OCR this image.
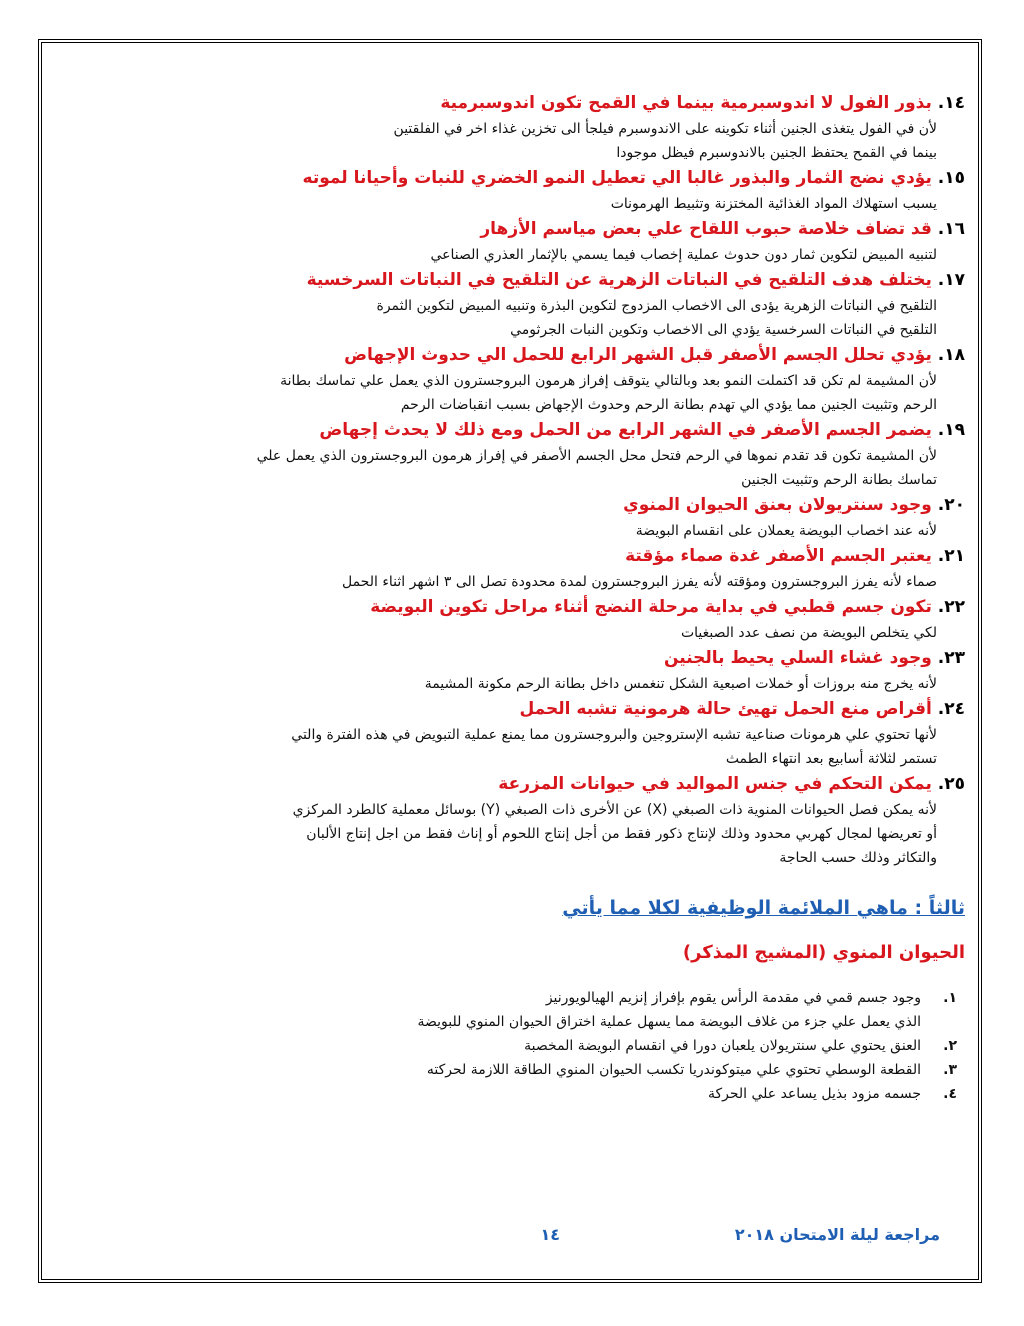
١٤. بذور الفول لا اندوسبرمية بينما في القمح تكون اندوسبرمية

لأن في الفول يتغذى الجنين أثناء تكوينه على الاندوسبرم فيلجأ الى تخزين غذاء اخر في الفلقتين

بينما في القمح يحتفظ الجنين بالاندوسبرم فيظل موجودا

١٥. يؤدي نضج الثمار والبذور غالبا الي تعطيل النمو الخضري للنبات وأحيانا لموته

يسبب استهلاك المواد الغذائية المختزنة وتثبيط الهرمونات

١٦. قد تضاف خلاصة حبوب اللقاح علي بعض مياسم الأزهار

لتنبيه المبيض لتكوين ثمار دون حدوث عملية إخصاب فيما يسمي بالإثمار العذري الصناعي

١٧. يختلف هدف التلقيح في النباتات الزهرية عن التلقيح في النباتات السرخسية

التلقيح في النباتات الزهرية يؤدى الى الاخصاب المزدوج لتكوين البذرة وتنبيه المبيض لتكوين الثمرة

التلقيح في النباتات السرخسية يؤدي الى الاخصاب وتكوين النبات الجرثومي

١٨. يؤدي تحلل الجسم الأصفر قبل الشهر الرابع للحمل الي حدوث الإجهاض

لأن المشيمة لم تكن قد اكتملت النمو بعد وبالتالي يتوقف إفراز هرمون البروجسترون الذي يعمل علي تماسك بطانة

الرحم وتثبيت الجنين مما يؤدي الي تهدم بطانة الرحم وحدوث الإجهاض بسبب انقباضات الرحم

١٩. يضمر الجسم الأصفر في الشهر الرابع من الحمل ومع ذلك لا يحدث إجهاض

لأن المشيمة تكون قد تقدم نموها في الرحم فتحل محل الجسم الأصفر في إفراز هرمون البروجسترون الذي يعمل علي

تماسك بطانة الرحم وتثبيت الجنين

٢٠. وجود سنتريولان بعنق الحيوان المنوي

لأنه عند اخصاب البويضة يعملان على انقسام البويضة

٢١. يعتبر الجسم الأصفر غدة صماء مؤقتة

صماء لأنه يفرز البروجسترون ومؤقته لأنه يفرز البروجسترون لمدة محدودة تصل الى ٣ اشهر اثناء الحمل

٢٢. تكون جسم قطبي في بداية مرحلة النضج أثناء مراحل تكوين البويضة

لكي يتخلص البويضة من نصف عدد الصبغيات

٢٣. وجود غشاء السلي يحيط بالجنين

لأنه يخرج منه بروزات أو خملات اصبعية الشكل تنغمس داخل بطانة الرحم مكونة المشيمة

٢٤. أقراص منع الحمل تهيئ حالة هرمونية تشبه الحمل

لأنها تحتوي علي هرمونات صناعية تشبه الإستروجين والبروجسترون مما يمنع عملية التبويض في هذه الفترة والتي

تستمر لثلاثة أسابيع بعد انتهاء الطمث

٢٥. يمكن التحكم في جنس المواليد في حيوانات المزرعة

لأنه يمكن فصل الحيوانات المنوية ذات الصبغي (X) عن الأخرى ذات الصبغي (Y) بوسائل معملية كالطرد المركزي

أو تعريضها لمجال كهربي محدود وذلك لإنتاج ذكور فقط من أجل إنتاج اللحوم أو إناث فقط من اجل إنتاج الألبان

والتكاثر وذلك حسب الحاجة

ثالثاً : ماهي الملائمة الوظيفية لكلا مما يأتي
الحيوان المنوي (المشيج المذكر)
١.
وجود جسم قمي في مقدمة الرأس يقوم بإفراز إنزيم الهيالويورنيز
الذي يعمل علي جزء من غلاف البويضة مما يسهل عملية اختراق الحيوان المنوي للبويضة
٢.
العنق يحتوي علي سنتريولان يلعبان دورا في انقسام البويضة المخصبة
٣.
القطعة الوسطي تحتوي علي ميتوكوندريا تكسب الحيوان المنوي الطاقة اللازمة لحركته
٤.
جسمه مزود بذيل يساعد علي الحركة
مراجعة ليلة الامتحان ٢٠١٨
١٤
